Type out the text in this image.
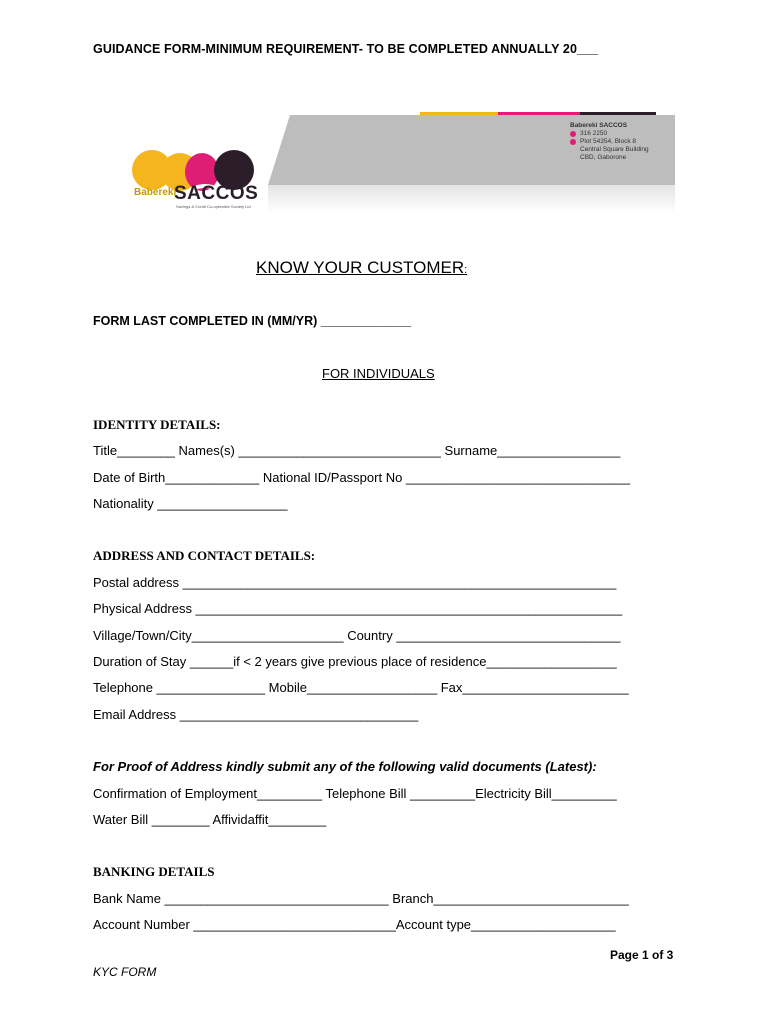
GUIDANCE FORM-MINIMUM REQUIREMENT- TO BE COMPLETED ANNUALLY 20___
Babereki SACCOS
316 2250
Plot 54354, Block 8
Central Square Building
CBD, Gaborone
Babereki
SACCOS
Savings & Credit Co-operative Society Ltd
KNOW YOUR CUSTOMER:
FORM LAST COMPLETED IN (MM/YR) _____________
FOR INDIVIDUALS
IDENTITY DETAILS:
Title________ Names(s) ____________________________ Surname_________________
Date of Birth_____________ National ID/Passport No _______________________________
Nationality __________________
ADDRESS AND CONTACT DETAILS:
Postal address ____________________________________________________________
Physical Address ___________________________________________________________
Village/Town/City_____________________ Country _______________________________
Duration of Stay ______if < 2 years give previous place of residence__________________
Telephone _______________ Mobile__________________ Fax_______________________
Email Address _________________________________
For Proof of Address kindly submit any of the following valid documents (Latest):
Confirmation of Employment_________ Telephone Bill _________Electricity Bill_________
Water Bill ________ Affividaffit________
BANKING DETAILS
Bank Name _______________________________ Branch___________________________
Account Number ____________________________Account type____________________
Page 1 of 3
KYC FORM
